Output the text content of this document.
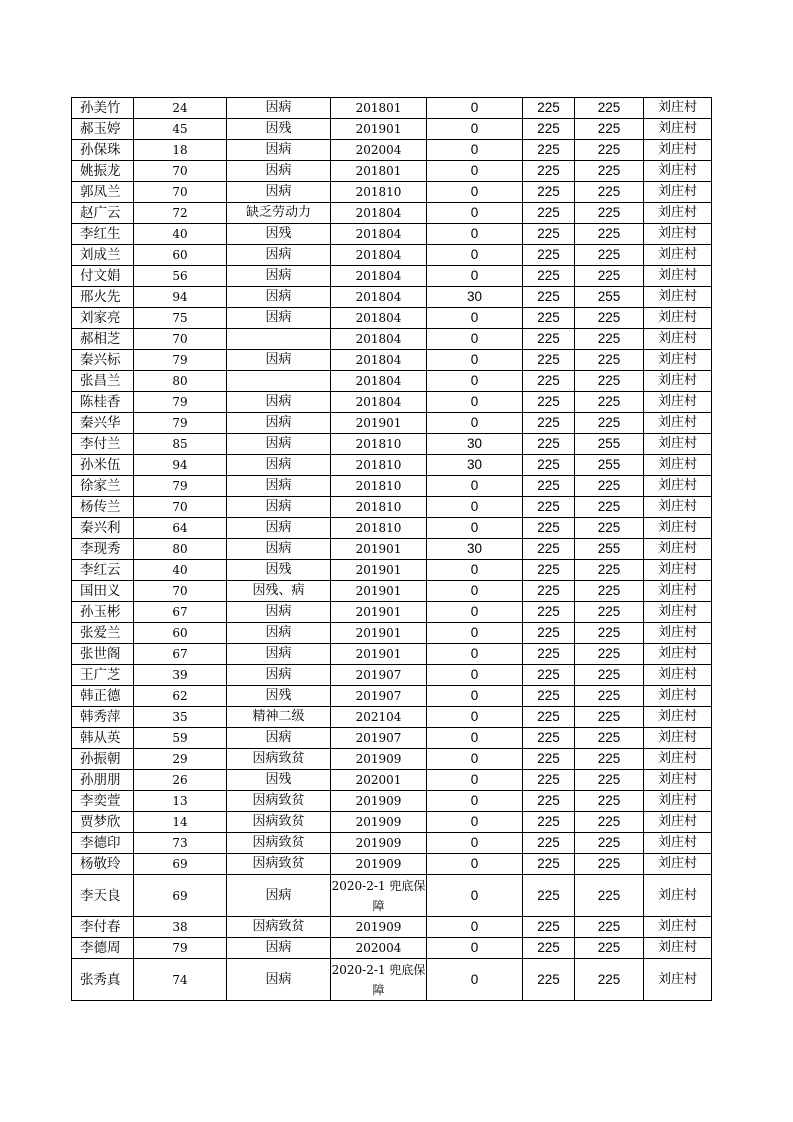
孙美竹	24	因病	201801	0	225	225	刘庄村
郝玉婷	45	因残	201901	0	225	225	刘庄村
孙保珠	18	因病	202004	0	225	225	刘庄村
姚振龙	70	因病	201801	0	225	225	刘庄村
郭凤兰	70	因病	201810	0	225	225	刘庄村
赵广云	72	缺乏劳动力	201804	0	225	225	刘庄村
李红生	40	因残	201804	0	225	225	刘庄村
刘成兰	60	因病	201804	0	225	225	刘庄村
付文娟	56	因病	201804	0	225	225	刘庄村
邢火先	94	因病	201804	30	225	255	刘庄村
刘家亮	75	因病	201804	0	225	225	刘庄村
郝相芝	70		201804	0	225	225	刘庄村
秦兴标	79	因病	201804	0	225	225	刘庄村
张昌兰	80		201804	0	225	225	刘庄村
陈桂香	79	因病	201804	0	225	225	刘庄村
秦兴华	79	因病	201901	0	225	225	刘庄村
李付兰	85	因病	201810	30	225	255	刘庄村
孙米伍	94	因病	201810	30	225	255	刘庄村
徐家兰	79	因病	201810	0	225	225	刘庄村
杨传兰	70	因病	201810	0	225	225	刘庄村
秦兴利	64	因病	201810	0	225	225	刘庄村
李现秀	80	因病	201901	30	225	255	刘庄村
李红云	40	因残	201901	0	225	225	刘庄村
国田义	70	因残、病	201901	0	225	225	刘庄村
孙玉彬	67	因病	201901	0	225	225	刘庄村
张爱兰	60	因病	201901	0	225	225	刘庄村
张世阁	67	因病	201901	0	225	225	刘庄村
王广芝	39	因病	201907	0	225	225	刘庄村
韩正德	62	因残	201907	0	225	225	刘庄村
韩秀萍	35	精神二级	202104	0	225	225	刘庄村
韩从英	59	因病	201907	0	225	225	刘庄村
孙振朝	29	因病致贫	201909	0	225	225	刘庄村
孙朋朋	26	因残	202001	0	225	225	刘庄村
李奕萱	13	因病致贫	201909	0	225	225	刘庄村
贾梦欣	14	因病致贫	201909	0	225	225	刘庄村
李德印	73	因病致贫	201909	0	225	225	刘庄村
杨敬玲	69	因病致贫	201909	0	225	225	刘庄村
李天良	69	因病	2020-2-1 兜底保障	0	225	225	刘庄村
李付春	38	因病致贫	201909	0	225	225	刘庄村
李德周	79	因病	202004	0	225	225	刘庄村
张秀真	74	因病	2020-2-1 兜底保障	0	225	225	刘庄村
